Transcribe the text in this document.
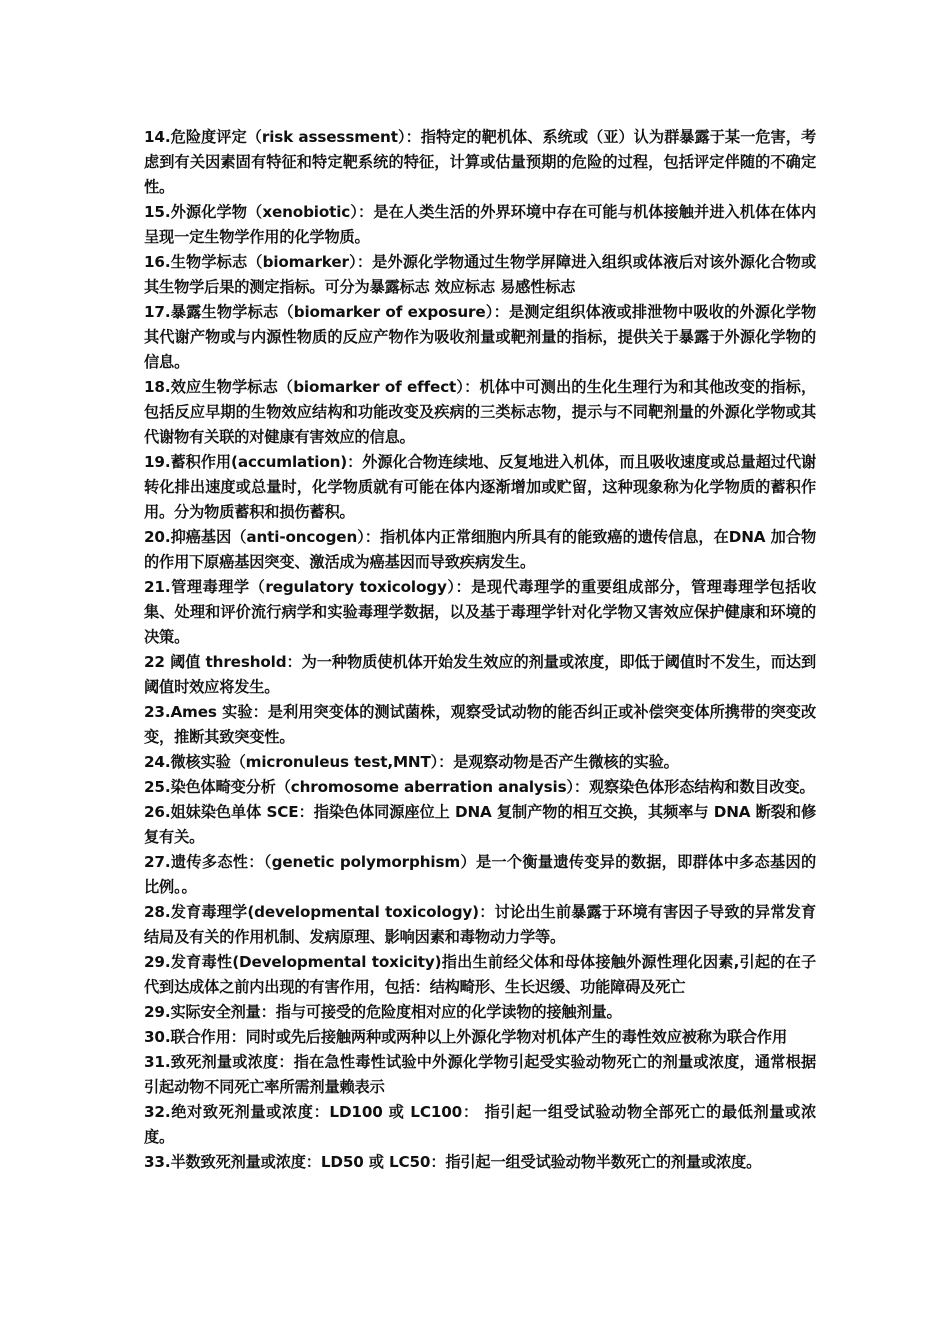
14.危险度评定（risk assessment）：指特定的靶机体、系统或（亚）认为群暴露于某一危害，考虑到有关因素固有特征和特定靶系统的特征，计算或估量预期的危险的过程，包括评定伴随的不确定性。

15.外源化学物（xenobiotic）：是在人类生活的外界环境中存在可能与机体接触并进入机体在体内呈现一定生物学作用的化学物质。

16.生物学标志（biomarker）：是外源化学物通过生物学屏障进入组织或体液后对该外源化合物或其生物学后果的测定指标。可分为暴露标志 效应标志 易感性标志

17.暴露生物学标志（biomarker of exposure）：是测定组织体液或排泄物中吸收的外源化学物其代谢产物或与内源性物质的反应产物作为吸收剂量或靶剂量的指标，提供关于暴露于外源化学物的信息。

18.效应生物学标志（biomarker of effect）：机体中可测出的生化生理行为和其他改变的指标，包括反应早期的生物效应结构和功能改变及疾病的三类标志物，提示与不同靶剂量的外源化学物或其代谢物有关联的对健康有害效应的信息。

19.蓄积作用(accumlation)：外源化合物连续地、反复地进入机体，而且吸收速度或总量超过代谢转化排出速度或总量时，化学物质就有可能在体内逐渐增加或贮留，这种现象称为化学物质的蓄积作用。分为物质蓄积和损伤蓄积。

20.抑癌基因（anti-oncogen）：指机体内正常细胞内所具有的能致癌的遗传信息，在DNA 加合物的作用下原癌基因突变、激活成为癌基因而导致疾病发生。

21.管理毒理学（regulatory toxicology）：是现代毒理学的重要组成部分，管理毒理学包括收集、处理和评价流行病学和实验毒理学数据，以及基于毒理学针对化学物又害效应保护健康和环境的决策。

22 阈值 threshold：为一种物质使机体开始发生效应的剂量或浓度，即低于阈值时不发生，而达到阈值时效应将发生。

23.Ames 实验：是利用突变体的测试菌株，观察受试动物的能否纠正或补偿突变体所携带的突变改变，推断其致突变性。

24.微核实验（micronuleus test,MNT）：是观察动物是否产生微核的实验。

25.染色体畸变分析（chromosome aberration analysis）：观察染色体形态结构和数目改变。

26.姐妹染色单体 SCE：指染色体同源座位上 DNA 复制产物的相互交换，其频率与 DNA 断裂和修复有关。

27.遗传多态性：（genetic polymorphism）是一个衡量遗传变异的数据，即群体中多态基因的比例。。

28.发育毒理学(developmental toxicology)：讨论出生前暴露于环境有害因子导致的异常发育结局及有关的作用机制、发病原理、影响因素和毒物动力学等。

29.发育毒性(Developmental toxicity)指出生前经父体和母体接触外源性理化因素,引起的在子代到达成体之前内出现的有害作用，包括：结构畸形、生长迟缓、功能障碍及死亡

29.实际安全剂量：指与可接受的危险度相对应的化学读物的接触剂量。

30.联合作用：同时或先后接触两种或两种以上外源化学物对机体产生的毒性效应被称为联合作用

31.致死剂量或浓度：指在急性毒性试验中外源化学物引起受实验动物死亡的剂量或浓度，通常根据引起动物不同死亡率所需剂量赖表示

32.绝对致死剂量或浓度：LD100 或 LC100： 指引起一组受试验动物全部死亡的最低剂量或浓度。

33.半数致死剂量或浓度：LD50 或 LC50：指引起一组受试验动物半数死亡的剂量或浓度。
